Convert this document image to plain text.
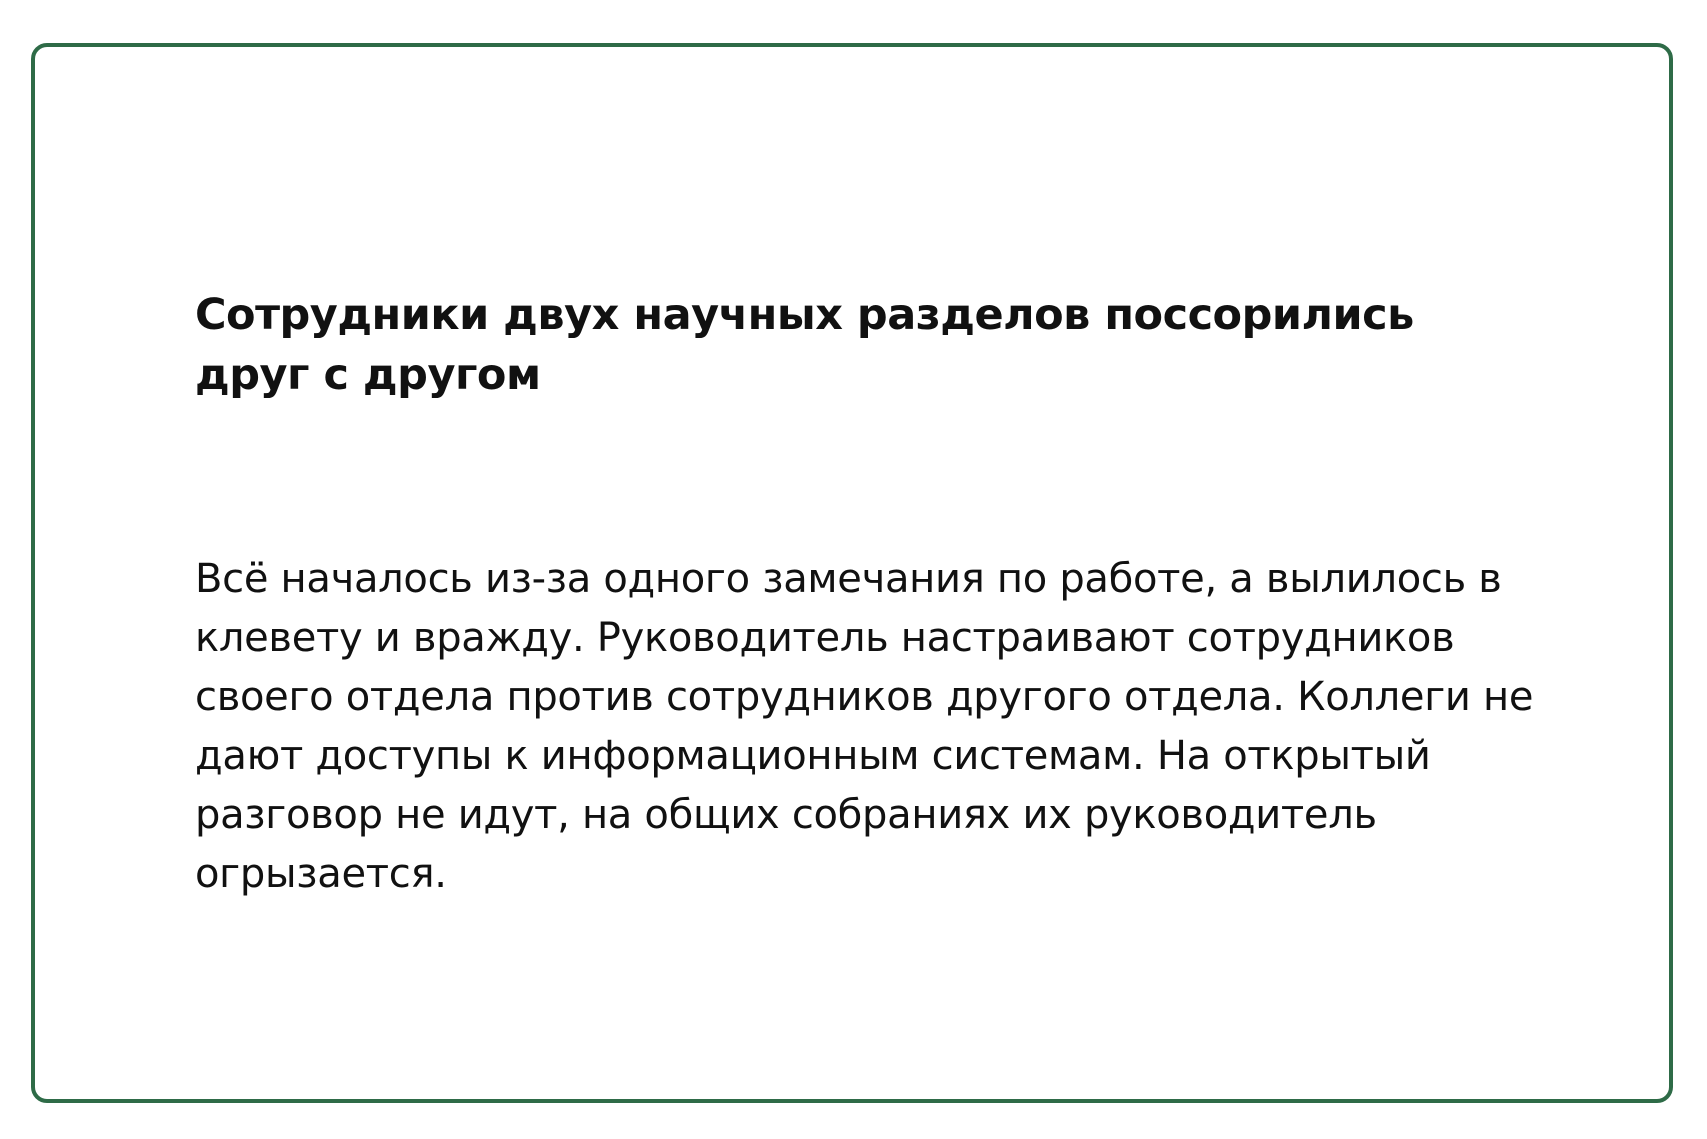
Сотрудники двух научных разделов поссорились друг с другом

Всё началось из-за одного замечания по работе, а вылилось в клевету и вражду. Руководитель настраивают сотрудников своего отдела против сотрудников другого отдела. Коллеги не дают доступы к информационным системам. На открытый разговор не идут, на общих собраниях их руководитель огрызается.
